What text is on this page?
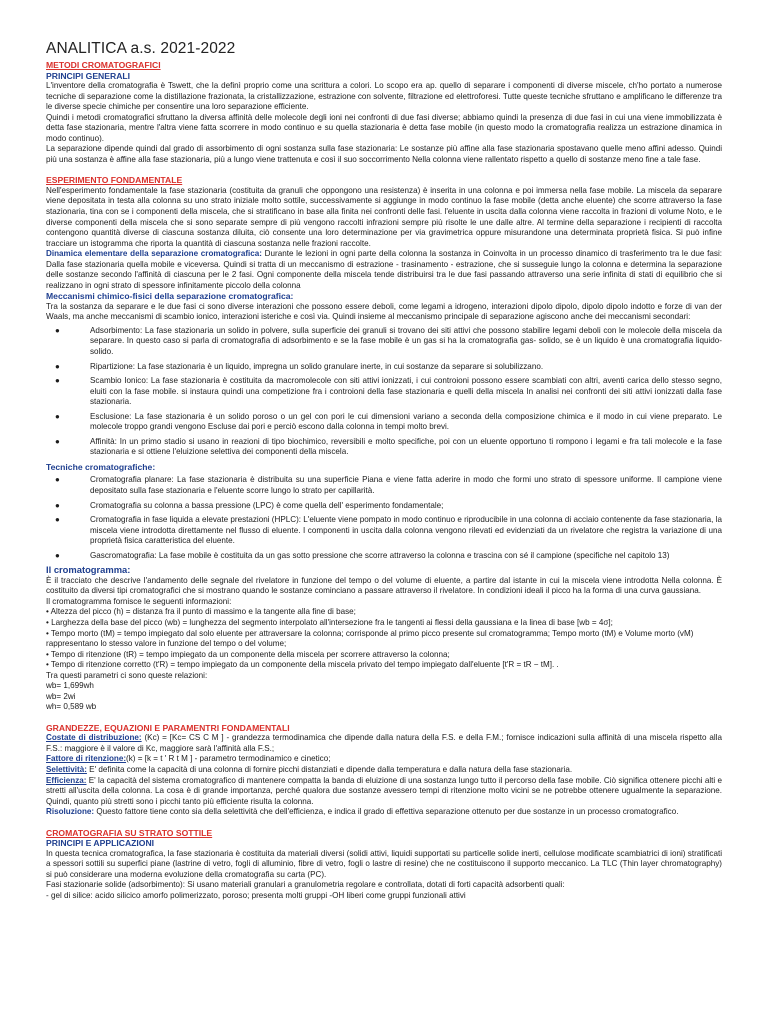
ANALITICA a.s. 2021-2022
METODI CROMATOGRAFICI
PRINCIPI GENERALI

L'inventore della cromatografia è Tswett, che la definì proprio come una scrittura a colori. Lo scopo era ap. quello di separare i componenti di diverse miscele, ch'ho portato a numerose tecniche di separazione come la distillazione frazionata, la cristallizzazione, estrazione con solvente, filtrazione ed elettroforesi. Tutte queste tecniche sfruttano e amplificano le differenze tra le diverse specie chimiche per consentire una loro separazione efficiente.

Quindi i metodi cromatografici sfruttano la diversa affinità delle molecole degli ioni nei confronti di due fasi diverse; abbiamo quindi la presenza di due fasi in cui una viene immobilizzata è detta fase stazionaria, mentre l'altra viene fatta scorrere in modo continuo e su quella stazionaria è detta fase mobile (in questo modo la cromatografia realizza un estrazione dinamica in modo continuo).

La separazione dipende quindi dal grado di assorbimento di ogni sostanza sulla fase stazionaria: Le sostanze più affine alla fase stazionaria spostavano quelle meno affini adesso. Quindi più una sostanza è affine alla fase stazionaria, più a lungo viene trattenuta e così il suo soccorrimento Nella colonna viene rallentato rispetto a quello di sostanze meno fine a tale fase.

ESPERIMENTO FONDAMENTALE

Nell'esperimento fondamentale la fase stazionaria (costituita da granuli che oppongono una resistenza) è inserita in una colonna e poi immersa nella fase mobile. La miscela da separare viene depositata in testa alla colonna su uno strato iniziale molto sottile, successivamente si aggiunge in modo continuo la fase mobile (detta anche eluente) che scorre attraverso la fase stazionaria, tina con se i componenti della miscela, che si stratificano in base alla finita nei confronti delle fasi. l'eluente in uscita dalla colonna viene raccolta in frazioni di volume Noto, e le diverse componenti della miscela che si sono separate sempre di più vengono raccolti infrazioni sempre più risolte le une dalle altre. Al termine della separazione i recipienti di raccolta contengono quantità diverse di ciascuna sostanza diluita, ciò consente una loro determinazione per via gravimetrica oppure misurandone una determinata proprietà fisica. Si può infine tracciare un istogramma che riporta la quantità di ciascuna sostanza nelle frazioni raccolte.

Dinamica elementare della separazione cromatografica: Durante le lezioni in ogni parte della colonna la sostanza in Coinvolta in un processo dinamico di trasferimento tra le due fasi: Dalla fase stazionaria quella mobile e viceversa. Quindi si tratta di un meccanismo di estrazione - trasinamento - estrazione, che si susseguie lungo la colonna e determina la separazione delle sostanze secondo l'affinità di ciascuna per le 2 fasi. Ogni componente della miscela tende distribuirsi tra le due fasi passando attraverso una serie infinita di stati di equilibrio che si realizzano in ogni strato di spessore infinitamente piccolo della colonna

Meccanismi chimico-fisici della separazione cromatografica:

Tra la sostanza da separare e le due fasi ci sono diverse interazioni che possono essere deboli, come legami a idrogeno, interazioni dipolo dipolo, dipolo dipolo indotto e forze di van der Waals, ma anche meccanismi di scambio ionico, interazioni isteriche e così via. Quindi insieme al meccanismo principale di separazione agiscono anche dei meccanismi secondari:

●	Adsorbimento: La fase stazionaria un solido in polvere, sulla superficie dei granuli si trovano dei siti attivi che possono stabilire legami deboli con le molecole della miscela da separare. In questo caso si parla di cromatografia di adsorbimento e se la fase mobile è un gas si ha la cromatografia gas- solido, se è un liquido è una cromatografia liquido- solido.
●	Ripartizione: La fase stazionaria è un liquido, impregna un solido granulare inerte, in cui sostanze da separare si solubilizzano.
●	Scambio Ionico: La fase stazionaria è costituita da macromolecole con siti attivi ionizzati, i cui controioni possono essere scambiati con altri, aventi carica dello stesso segno, eluiti con la fase mobile. si instaura quindi una competizione fra i controioni della fase stazionaria e quelli della miscela In analisi nei confronti dei siti attivi ionizzati dalla fase stazionaria.
●	Esclusione: La fase stazionaria è un solido poroso o un gel con pori le cui dimensioni variano a seconda della composizione chimica e il modo in cui viene preparato. Le molecole troppo grandi vengono Escluse dai pori e perciò escono dalla colonna in tempi molto brevi.
●	Affinità: In un primo stadio si usano in reazioni di tipo biochimico, reversibili e molto specifiche, poi con un eluente opportuno ti rompono i legami e fra tali molecole e la fase stazionaria e si ottiene l'eluizione selettiva dei componenti della miscela.
Tecniche cromatografiche:
●	Cromatografia planare: La fase stazionaria è distribuita su una superficie Piana e viene fatta aderire in modo che formi uno strato di spessore uniforme. Il campione viene depositato sulla fase stazionaria e l'eluente scorre lungo lo strato per capillarità.
●	Cromatografia su colonna a bassa pressione (LPC) è come quella dell' esperimento fondamentale;
●	Cromatografia in fase liquida a elevate prestazioni (HPLC): L'eluente viene pompato in modo continuo e riproducibile in una colonna di acciaio contenente da fase stazionaria, la miscela viene introdotta direttamente nel flusso di eluente. I componenti in uscita dalla colonna vengono rilevati ed evidenziati da un rivelatore che registra la variazione di una proprietà fisica caratteristica del eluente.
●	Gascromatografia: La fase mobile è costituita da un gas sotto pressione che scorre attraverso la colonna e trascina con sé il campione (specifiche nel capitolo 13)
Il cromatogramma:

È il tracciato che descrive l'andamento delle segnale del rivelatore in funzione del tempo o del volume di eluente, a partire dal istante in cui la miscela viene introdotta Nella colonna. È costituito da diversi tipi cromatografici che si mostrano quando le sostanze cominciano a passare attraverso il rivelatore. In condizioni ideali il picco ha la forma di una curva gaussiana.

Il cromatogramma fornisce le seguenti informazioni:
• Altezza del picco (h) = distanza fra il punto di massimo e la tangente alla fine di base;
• Larghezza della base del picco (wb) = lunghezza del segmento interpolato all'intersezione fra le tangenti ai flessi della gaussiana e la linea di base [wb = 4σ];
• Tempo morto (tM) = tempo impiegato dal solo eluente per attraversare la colonna; corrisponde al primo picco presente sul cromatogramma; Tempo morto (tM) e Volume morto (vM) rappresentano lo stesso valore in funzione del tempo o del volume;
• Tempo di ritenzione (tR) = tempo impiegato da un componente della miscela per scorrere attraverso la colonna;
• Tempo di ritenzione corretto (t'R) = tempo impiegato da un componente della miscela privato del tempo impiegato dall'eluente [t'R = tR − tM]. .
Tra questi parametri ci sono queste relazioni:
wb= 1,699wh
wb= 2wi
wh= 0,589 wb
GRANDEZZE, EQUAZIONI E PARAMENTRI FONDAMENTALI

Costate di distribuzione: (Kc) = [Kc= CS C M ] - grandezza termodinamica che dipende dalla natura della F.S. e della F.M.; fornisce indicazioni sulla affinità di una miscela rispetto alla F.S.: maggiore è il valore di Kc, maggiore sarà l'affinità alla F.S.;

Fattore di ritenzione:(k) = [k = t ' R t M ] - parametro termodinamico e cinetico;

Selettività: E' definita come la capacità di una colonna di fornire picchi distanziati e dipende dalla temperatura e dalla natura della fase stazionaria.

Efficienza: E' la capacità del sistema cromatografico di mantenere compatta la banda di eluizione di una sostanza lungo tutto il percorso della fase mobile. Ciò significa ottenere picchi alti e stretti all'uscita della colonna. La cosa è di grande importanza, perché qualora due sostanze avessero tempi di ritenzione molto vicini se ne potrebbe ottenere ugualmente la separazione. Quindi, quanto più stretti sono i picchi tanto più efficiente risulta la colonna.

Risoluzione: Questo fattore tiene conto sia della selettività che dell'efficienza, e indica il grado di effettiva separazione ottenuto per due sostanze in un processo cromatografico.

CROMATOGRAFIA SU STRATO SOTTILE
PRINCIPI E APPLICAZIONI

In questa tecnica cromatografica, la fase stazionaria è costituita da materiali diversi (solidi attivi, liquidi supportati su particelle solide inerti, cellulose modificate scambiatrici di ioni) stratificati a spessori sottili su superfici piane (lastrine di vetro, fogli di alluminio, fibre di vetro, fogli o lastre di resine) che ne costituiscono il supporto meccanico. La TLC (Thin layer chromatography) si può considerare una moderna evoluzione della cromatografia su carta (PC).

Fasi stazionarie solide (adsorbimento): Si usano materiali granulari a granulometria regolare e controllata, dotati di forti capacità adsorbenti quali:

- gel di silice: acido silicico amorfo polimerizzato, poroso; presenta molti gruppi -OH liberi come gruppi funzionali attivi
